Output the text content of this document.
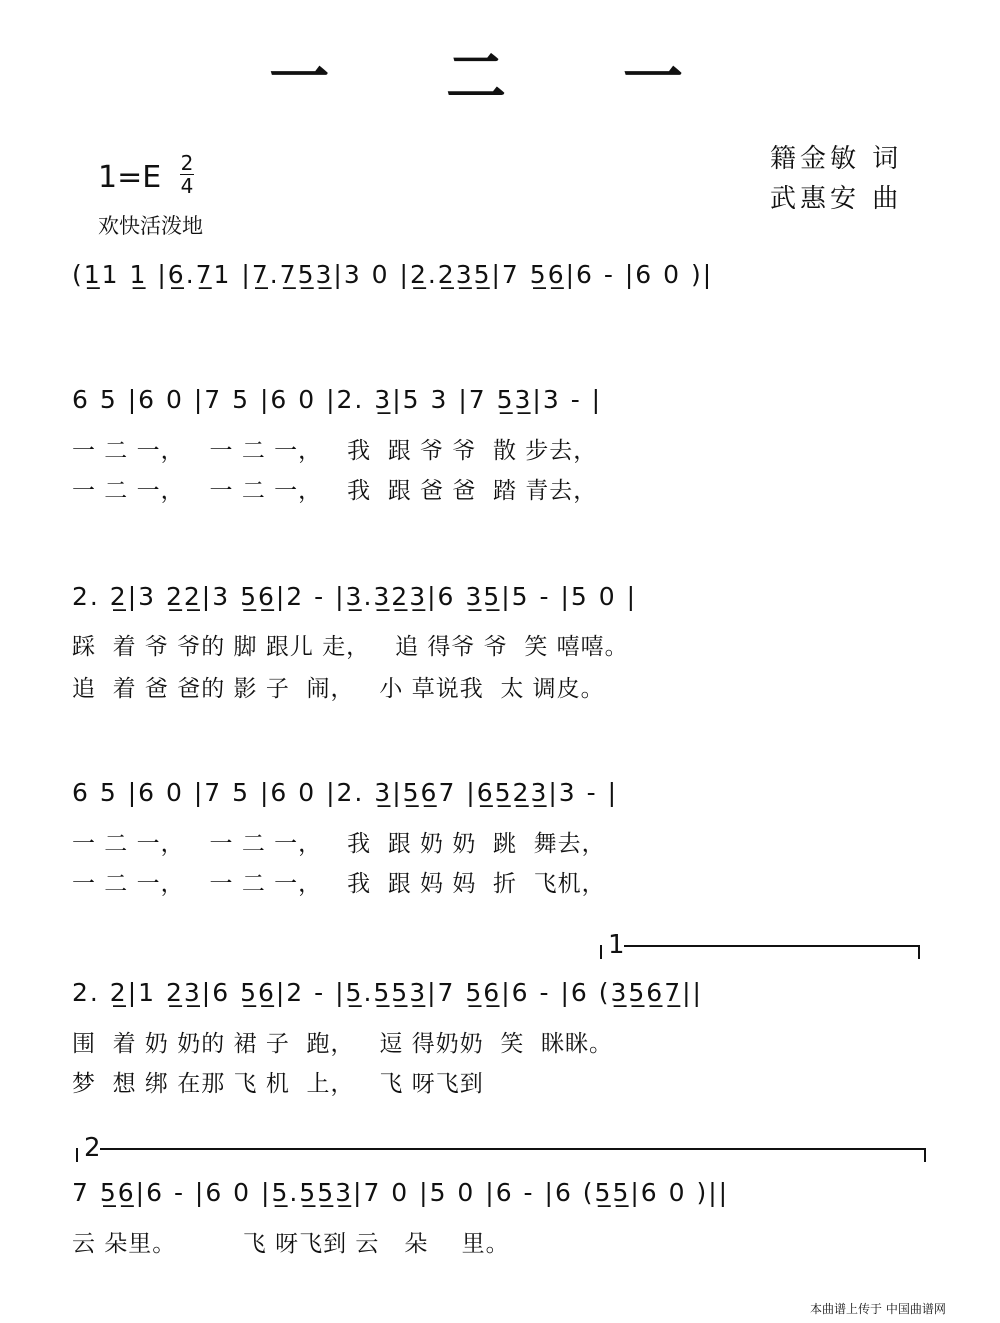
一 二 一
籍金敏 词
武惠安 曲
1=E 2
4
欢快活泼地
(1̲1 1̲ |6̲.7̲1 |7̲.7̲5̲3̲|3 0 |2̲.2̲3̲5̲|7 5̲6̲|6 - |6 0 )|
6 5 |6 0 |7 5 |6 0 |2. 3̲|5 3 |7 5̲3̲|3 - |
一 二 一，   一 二 一，   我  跟 爷 爷  散 步去，
一 二 一，   一 二 一，   我  跟 爸 爸  踏 青去，
2. 2̲|3 2̲2̲|3 5̲6̲|2 - |3̲.3̲2̲3̲|6 3̲5̲|5 - |5 0 |
踩  着 爷 爷的 脚 跟儿 走，   追 得爷 爷  笑 嘻嘻。
追  着 爸 爸的 影 子  闹，   小 草说我  太 调皮。
6 5 |6 0 |7 5 |6 0 |2. 3̲|5̲6̲7 |6̲5̲2̲3̲|3 - |
一 二 一，   一 二 一，   我  跟 奶 奶  跳  舞去，
一 二 一，   一 二 一，   我  跟 妈 妈  折  飞机，
1
2. 2̲|1 2̲3̲|6 5̲6̲|2 - |5̲.5̲5̲3̲|7 5̲6̲|6 - |6 (3̲5̲6̲7̲||
围  着 奶 奶的 裙 子  跑，   逗 得奶奶  笑  眯眯。
梦  想 绑 在那 飞 机  上，   飞 呀飞到
2
7 5̲6̲|6 - |6 0 |5̲.5̲5̲3̲|7 0 |5 0 |6 - |6 (5̲5̲|6 0 )||
云 朵里。        飞 呀飞到 云   朵    里。
本曲谱上传于 中国曲谱网
